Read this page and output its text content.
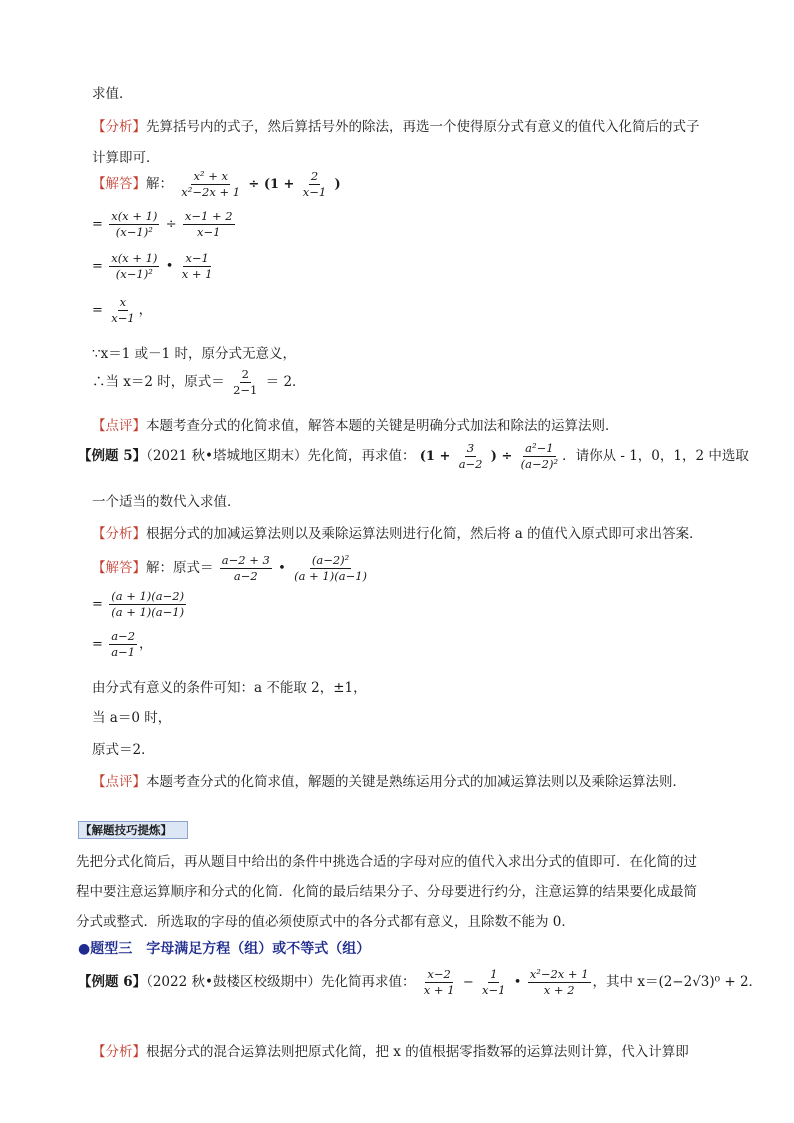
求值．
【分析】先算括号内的式子，然后算括号外的除法，再选一个使得原分式有意义的值代入化简后的式子
计算即可．
【解答】解： $\frac{\text{x² + x}}{\text{x²−2x + 1}} \div (1 + \frac{2}{x-1}$ )
= $\frac{x(x + 1)}{\text{(x−1)²}} \div \frac{x-1 + 2}{x-1}$
= $\frac{x(x + 1)}{\text{(x−1)²}}$ • $\frac{x-1}{x + 1}$
= $\frac{x}{x-1}$ ，
∵x＝1 或－1 时，原分式无意义，
∴当 x＝2 时，原式＝ $\frac{2}{2-1} = 2$．
【点评】本题考查分式的化简求值，解答本题的关键是明确分式加法和除法的运算法则．
【例题 5】（2021 秋•塔城地区期末）先化简，再求值： ($1 + \frac{3}{a-2}$ ) ÷ $\frac{\text{a²−1}}{\text{(a−2)²}}$ ．请你从 - 1，0，1，2 中选取
一个适当的数代入求值．
【分析】根据分式的加减运算法则以及乘除运算法则进行化简，然后将 a 的值代入原式即可求出答案．
【解答】解：原式＝ $\frac{a-2 + 3}{a-2}$ • $\frac{\text{(a−2)²}}{(a + 1)(a-1)}$
= $\frac{(a + 1)(a-2)}{(a + 1)(a-1)}$
= $\frac{a-2}{a-1}$ ，
由分式有意义的条件可知：a 不能取 2，±1，
当 a＝0 时，
原式＝2．
【点评】本题考查分式的化简求值，解题的关键是熟练运用分式的加减运算法则以及乘除运算法则．
【解题技巧提炼】
先把分式化简后，再从题目中给出的条件中挑选合适的字母对应的值代入求出分式的值即可．在化简的过
程中要注意运算顺序和分式的化简．化简的最后结果分子、分母要进行约分，注意运算的结果要化成最简
分式或整式．所选取的字母的值必须使原式中的各分式都有意义，且除数不能为 0．
●题型三　字母满足方程（组）或不等式（组）
【例题 6】（2022 秋•鼓楼区校级期中）先化简再求值： $\frac{x-2}{x + 1} - \frac{1}{x-1}$ • $\frac{\text{x²−2x + 1}}{x + 2}$ ，其中 x＝(2−2√3)⁰ + 2．
【分析】根据分式的混合运算法则把原式化简，把 x 的值根据零指数幂的运算法则计算，代入计算即
